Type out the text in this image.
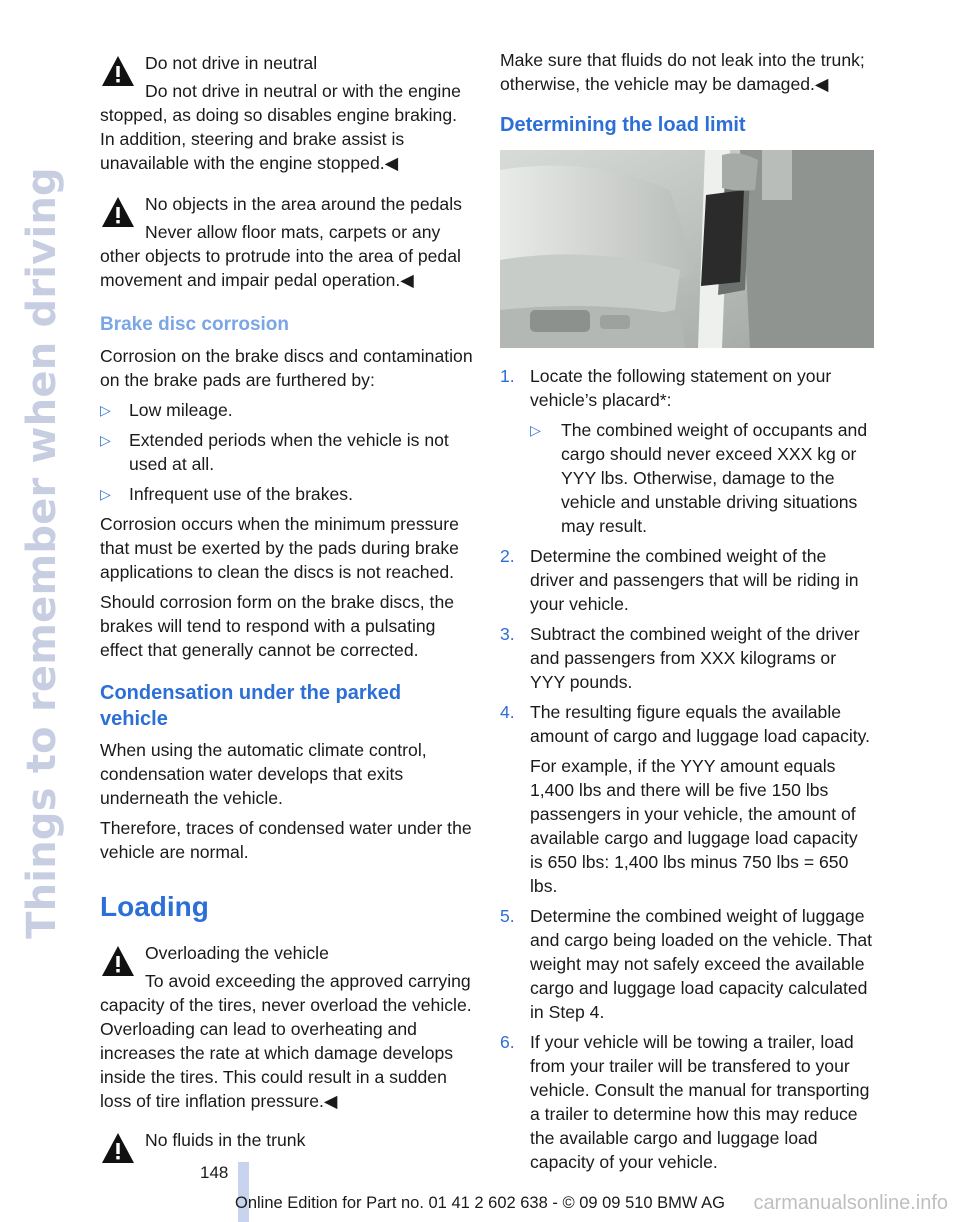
Things to remember when driving
Do not drive in neutral
Do not drive in neutral or with the engine stopped, as doing so disables engine braking. In addition, steering and brake assist is unavailable with the engine stopped.◀
No objects in the area around the pedals
Never allow floor mats, carpets or any other objects to protrude into the area of pedal movement and impair pedal operation.◀
Brake disc corrosion

Corrosion on the brake discs and contamination on the brake pads are furthered by:

▷ Low mileage.
▷ Extended periods when the vehicle is not used at all.
▷ Infrequent use of the brakes.

Corrosion occurs when the minimum pressure that must be exerted by the pads during brake applications to clean the discs is not reached.

Should corrosion form on the brake discs, the brakes will tend to respond with a pulsating effect that generally cannot be corrected.

Condensation under the parked vehicle

When using the automatic climate control, condensation water develops that exits underneath the vehicle.

Therefore, traces of condensed water under the vehicle are normal.

Loading
Overloading the vehicle
To avoid exceeding the approved carrying capacity of the tires, never overload the vehicle. Overloading can lead to overheating and increases the rate at which damage develops inside the tires. This could result in a sudden loss of tire inflation pressure.◀
No fluids in the trunk

Make sure that fluids do not leak into the trunk; otherwise, the vehicle may be damaged.◀

Determining the load limit
1. Locate the following statement on your vehicle’s placard*:
▷ The combined weight of occupants and cargo should never exceed XXX kg or YYY lbs. Otherwise, damage to the vehicle and unstable driving situations may result.
2. Determine the combined weight of the driver and passengers that will be riding in your vehicle.
3. Subtract the combined weight of the driver and passengers from XXX kilograms or YYY pounds.
4. The resulting figure equals the available amount of cargo and luggage load capacity.
For example, if the YYY amount equals 1,400 lbs and there will be five 150 lbs passengers in your vehicle, the amount of available cargo and luggage load capacity is 650 lbs: 1,400 lbs minus 750 lbs = 650 lbs.
5. Determine the combined weight of luggage and cargo being loaded on the vehicle. That weight may not safely exceed the available cargo and luggage load capacity calculated in Step 4.
6. If your vehicle will be towing a trailer, load from your trailer will be transfered to your vehicle. Consult the manual for transporting a trailer to determine how this may reduce the available cargo and luggage load capacity of your vehicle.
148
Online Edition for Part no. 01 41 2 602 638 - © 09 09 510 BMW AG	carmanualsonline.info
